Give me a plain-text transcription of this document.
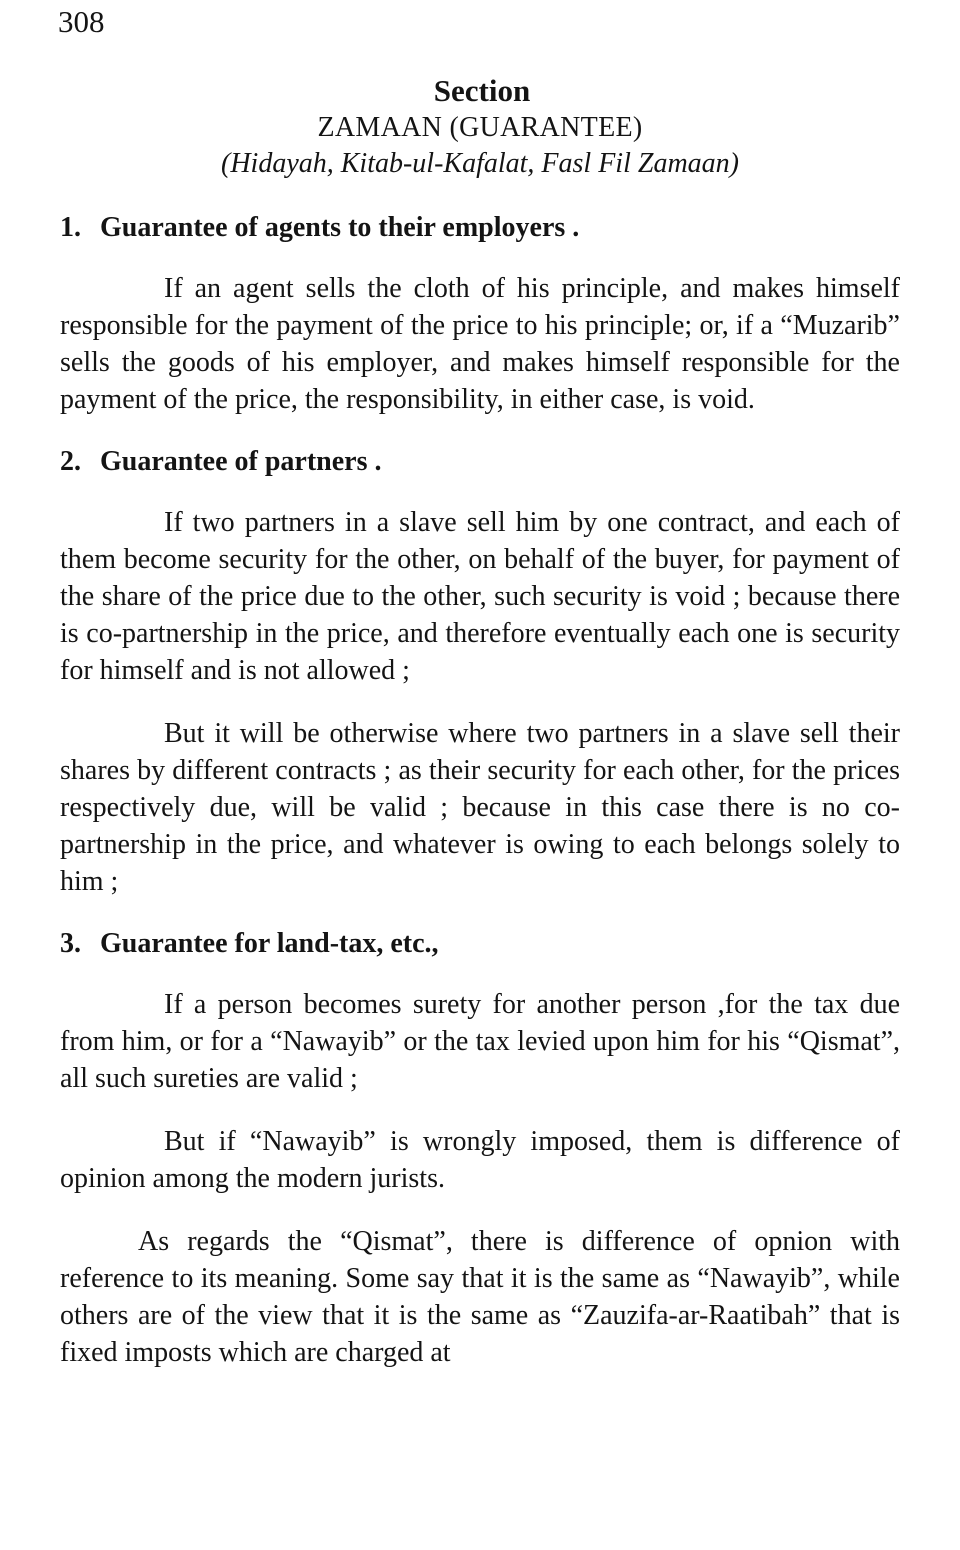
308
Section
ZAMAAN (GUARANTEE)
(Hidayah, Kitab-ul-Kafalat, Fasl Fil Zamaan)

1. Guarantee of agents to their employers .

If an agent sells the cloth of his principle, and makes himself responsible for the payment of the price to his principle; or, if a “Muzarib” sells the goods of his employer, and makes himself responsible for the payment of the price, the responsibility, in either case, is void.

2. Guarantee of partners .

If two partners in a slave sell him by one contract, and each of them become security for the other, on behalf of the buyer, for payment of the share of the price due to the other, such security is void ; because there is co-partnership in the price, and therefore eventually each one is security for himself and is not allowed ;

But it will be otherwise where two partners in a slave sell their shares by different contracts ; as their security for each other, for the prices respectively due, will be valid ; because in this case there is no co- partnership in the price, and whatever is owing to each belongs solely to him ;

3. Guarantee for land-tax, etc.,

If a person becomes surety for another person ,for the tax due from him, or for a “Nawayib” or the tax levied upon him for his “Qismat”, all such sureties are valid ;

But if “Nawayib” is wrongly imposed, them is difference of opinion among the modern jurists.

As regards the “Qismat”, there is difference of opnion with reference to its meaning. Some say that it is the same as “Nawayib”, while others are of the view that it is the same as “Zauzifa-ar-Raatibah” that is fixed imposts which are charged at
